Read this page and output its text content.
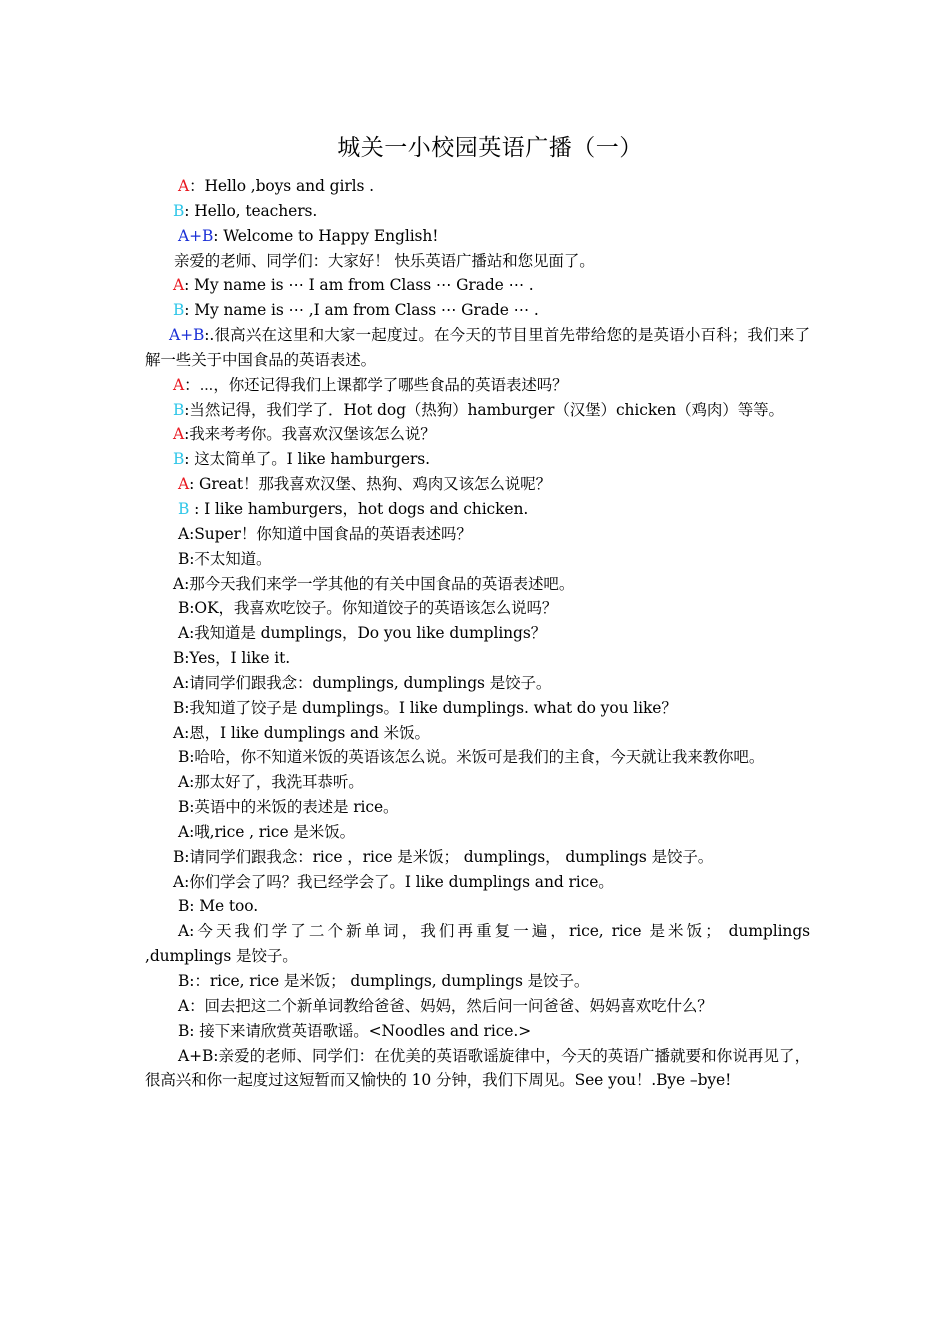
城关一小校园英语广播（一）
A：Hello ,boys and girls .
B: Hello, teachers.
A+B: Welcome to Happy English!
亲爱的老师、同学们：大家好！ 快乐英语广播站和您见面了。
A: My name is ⋯ I am from Class ⋯ Grade ⋯ .
B: My name is ⋯ ,I am from Class ⋯ Grade ⋯ .
A+B:.很高兴在这里和大家一起度过。在今天的节目里首先带给您的是英语小百科；我们来了解一些关于中国食品的英语表述。
A：⋯，你还记得我们上课都学了哪些食品的英语表述吗？
B:当然记得，我们学了．Hot dog（热狗）hamburger（汉堡）chicken（鸡肉）等等。
A:我来考考你。我喜欢汉堡该怎么说？
B: 这太简单了。I like hamburgers.
A: Great！那我喜欢汉堡、热狗、鸡肉又该怎么说呢？
B : I like hamburgers，hot dogs and chicken.
A:Super！你知道中国食品的英语表述吗？
B:不太知道。
A:那今天我们来学一学其他的有关中国食品的英语表述吧。
B:OK，我喜欢吃饺子。你知道饺子的英语该怎么说吗？
A:我知道是 dumplings，Do you like dumplings？
B:Yes，I like it.
A:请同学们跟我念：dumplings, dumplings 是饺子。
B:我知道了饺子是 dumplings。I like dumplings. what do you like？
A:恩，I like dumplings and 米饭。
B:哈哈，你不知道米饭的英语该怎么说。米饭可是我们的主食，今天就让我来教你吧。
A:那太好了，我洗耳恭听。
B:英语中的米饭的表述是 rice。
A:哦,rice , rice 是米饭。
B:请同学们跟我念：rice ，rice 是米饭； dumplings， dumplings 是饺子。
A:你们学会了吗？我已经学会了。I like dumplings and rice。
B: Me too.
A:今天我们学了二个新单词，我们再重复一遍，rice, rice 是米饭； dumplings ,dumplings 是饺子。
B:：rice, rice 是米饭； dumplings, dumplings 是饺子。
A：回去把这二个新单词教给爸爸、妈妈，然后问一问爸爸、妈妈喜欢吃什么？
B: 接下来请欣赏英语歌谣。<Noodles and rice.>
A+B:亲爱的老师、同学们：在优美的英语歌谣旋律中，今天的英语广播就要和你说再见了，很高兴和你一起度过这短暂而又愉快的 10 分钟，我们下周见。See you！.Bye –bye!
